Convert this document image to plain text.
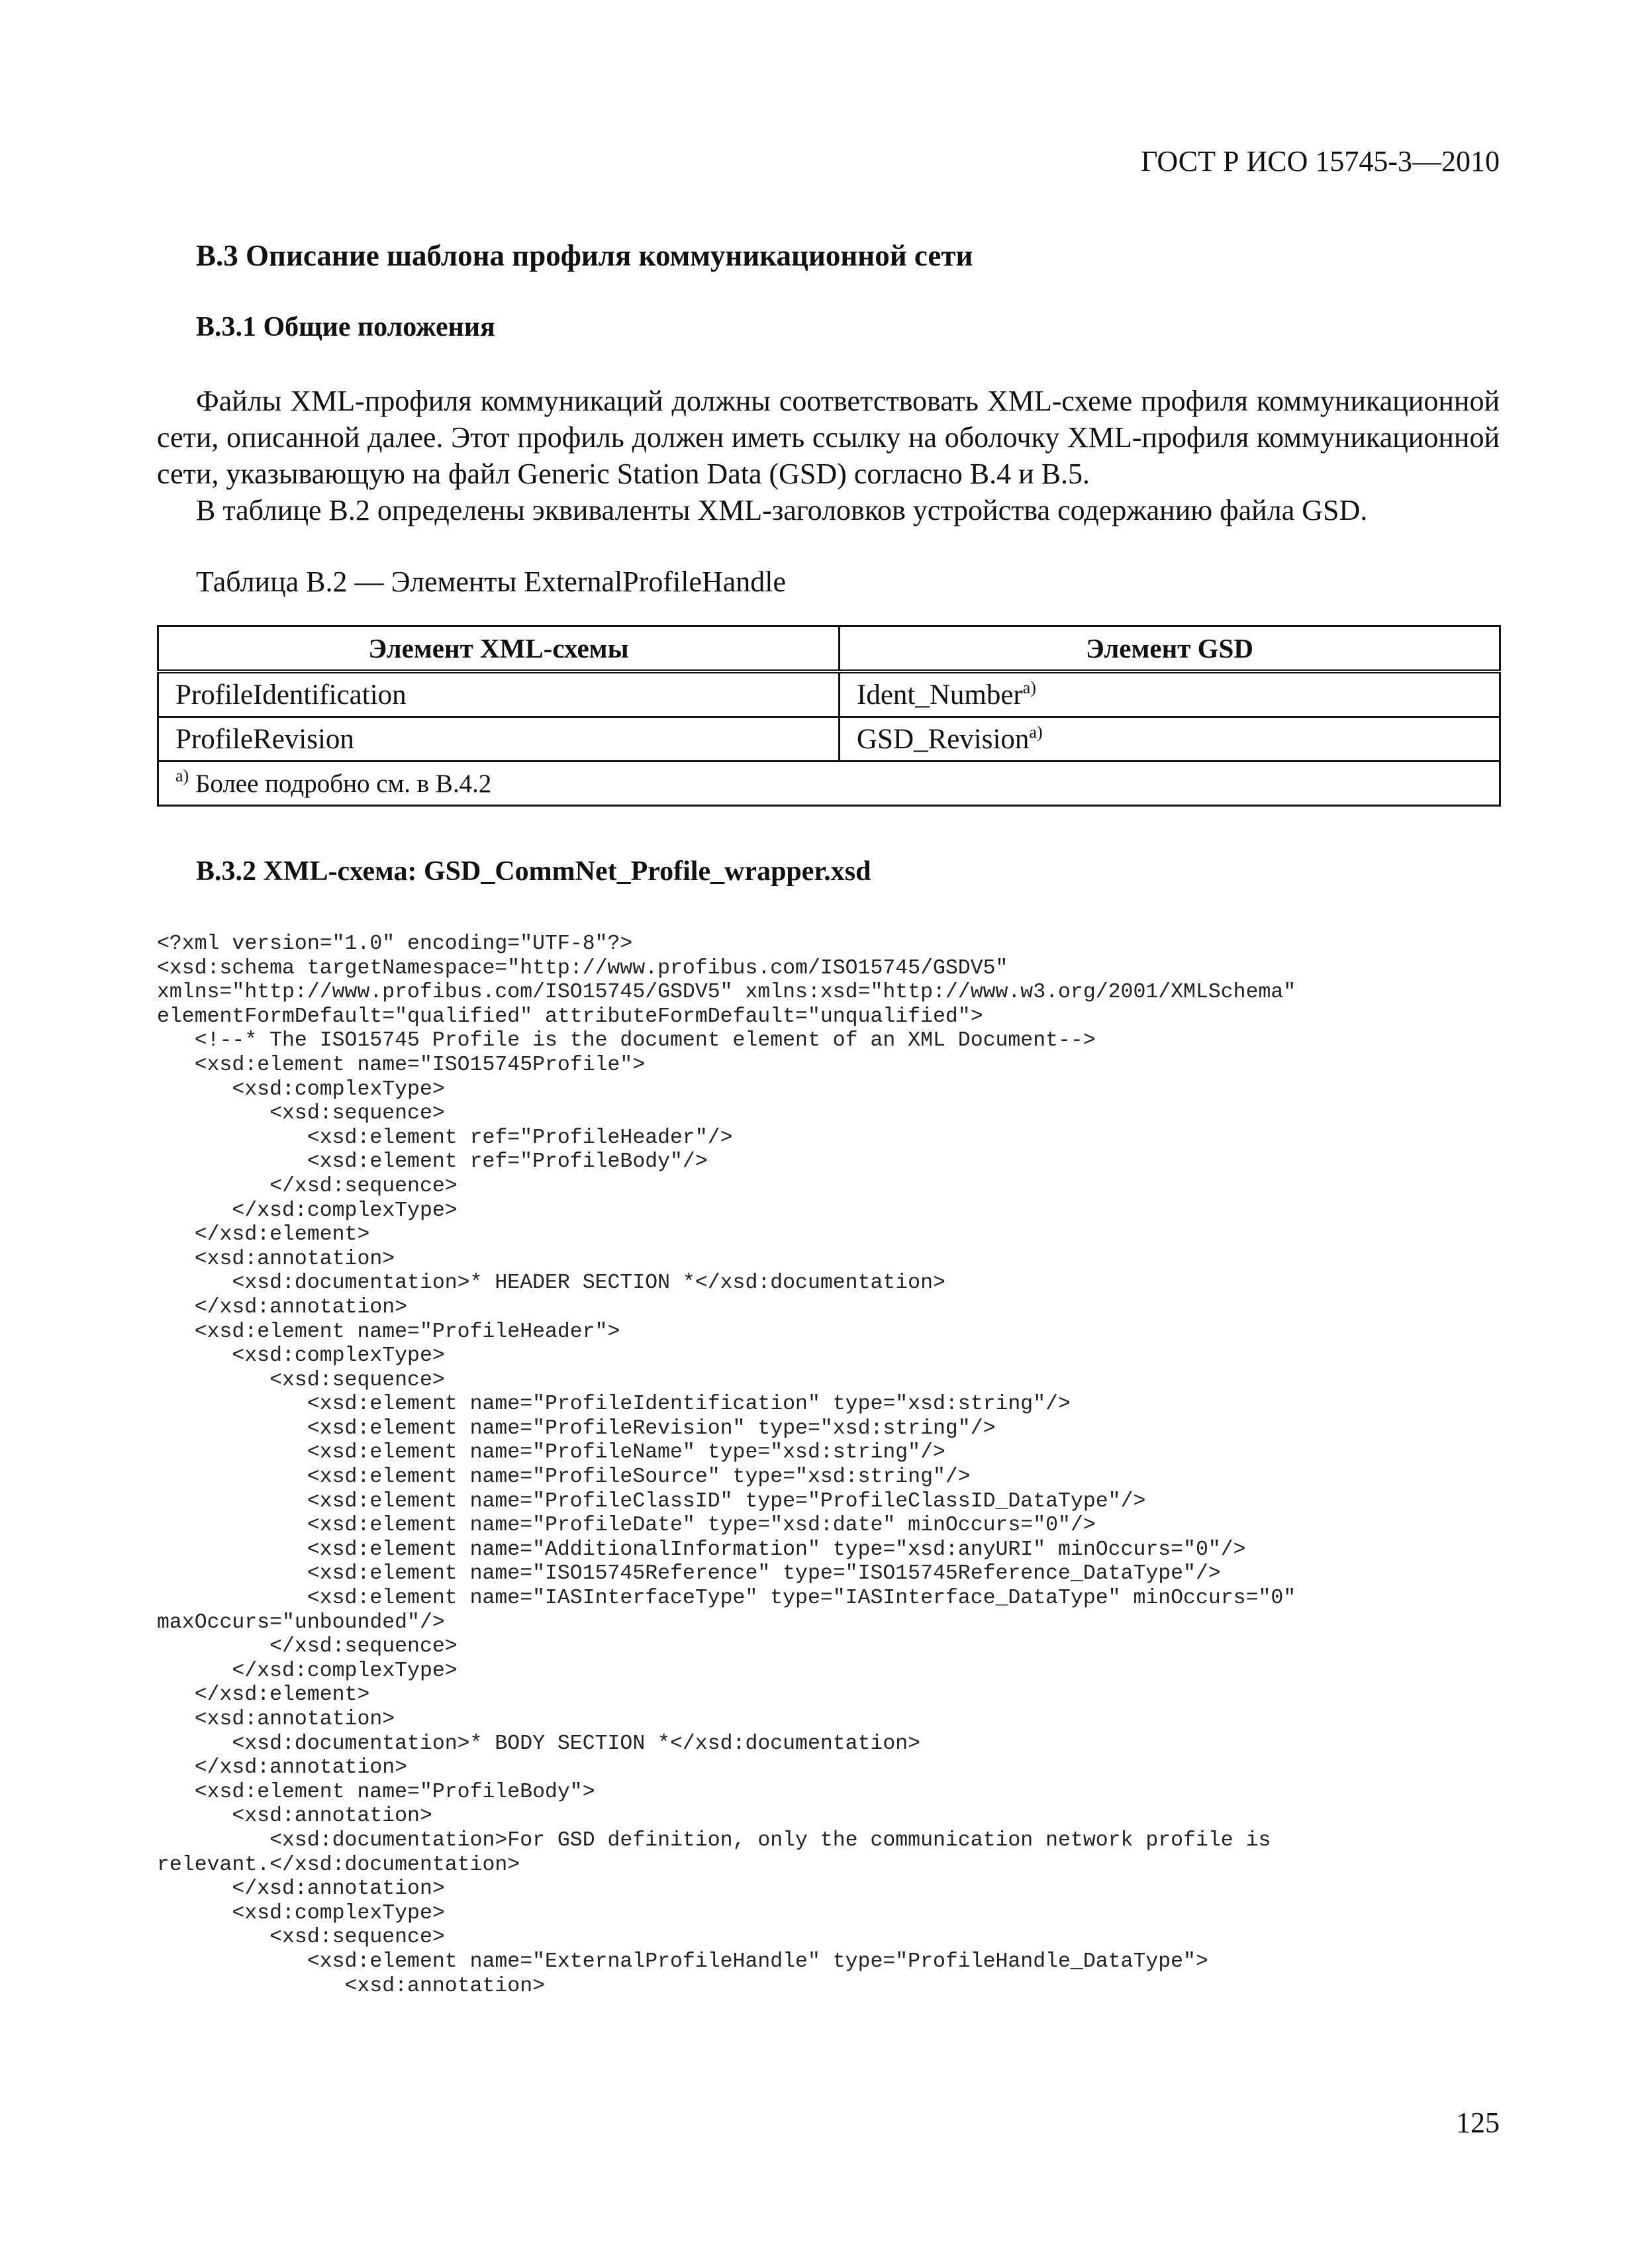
ГОСТ Р ИСО 15745-3—2010
B.3 Описание шаблона профиля коммуникационной сети
B.3.1 Общие положения

Файлы XML-профиля коммуникаций должны соответствовать XML-схеме профиля коммуникационной сети, описанной далее. Этот профиль должен иметь ссылку на оболочку XML-профиля коммуникационной сети, указывающую на файл Generic Station Data (GSD) согласно B.4 и B.5.

В таблице B.2 определены эквиваленты XML-заголовков устройства содержанию файла GSD.

Таблица B.2 — Элементы ExternalProfileHandle

Элемент XML-схемы	Элемент GSD
ProfileIdentification	Ident_Number$^{a)}$
ProfileRevision	GSD_Revision$^{a)}$
$^{a)}$ Более подробно см. в B.4.2	
B.3.2 XML-схема: GSD_CommNet_Profile_wrapper.xsd
<?xml version="1.0" encoding="UTF-8"?>
<xsd:schema targetNamespace="http://www.profibus.com/ISO15745/GSDV5"
xmlns="http://www.profibus.com/ISO15745/GSDV5" xmlns:xsd="http://www.w3.org/2001/XMLSchema"
elementFormDefault="qualified" attributeFormDefault="unqualified">
<!--* The ISO15745 Profile is the document element of an XML Document-->
<xsd:element name="ISO15745Profile">
<xsd:complexType>
<xsd:sequence>
<xsd:element ref="ProfileHeader"/>
<xsd:element ref="ProfileBody"/>
</xsd:sequence>
</xsd:complexType>
</xsd:element>
<xsd:annotation>
<xsd:documentation>* HEADER SECTION *</xsd:documentation>
</xsd:annotation>
<xsd:element name="ProfileHeader">
<xsd:complexType>
<xsd:sequence>
<xsd:element name="ProfileIdentification" type="xsd:string"/>
<xsd:element name="ProfileRevision" type="xsd:string"/>
<xsd:element name="ProfileName" type="xsd:string"/>
<xsd:element name="ProfileSource" type="xsd:string"/>
<xsd:element name="ProfileClassID" type="ProfileClassID_DataType"/>
<xsd:element name="ProfileDate" type="xsd:date" minOccurs="0"/>
<xsd:element name="AdditionalInformation" type="xsd:anyURI" minOccurs="0"/>
<xsd:element name="ISO15745Reference" type="ISO15745Reference_DataType"/>
<xsd:element name="IASInterfaceType" type="IASInterface_DataType" minOccurs="0"
maxOccurs="unbounded"/>
</xsd:sequence>
</xsd:complexType>
</xsd:element>
<xsd:annotation>
<xsd:documentation>* BODY SECTION *</xsd:documentation>
</xsd:annotation>
<xsd:element name="ProfileBody">
<xsd:annotation>
<xsd:documentation>For GSD definition, only the communication network profile is
relevant.</xsd:documentation>
</xsd:annotation>
<xsd:complexType>
<xsd:sequence>
<xsd:element name="ExternalProfileHandle" type="ProfileHandle_DataType">
<xsd:annotation>
125
